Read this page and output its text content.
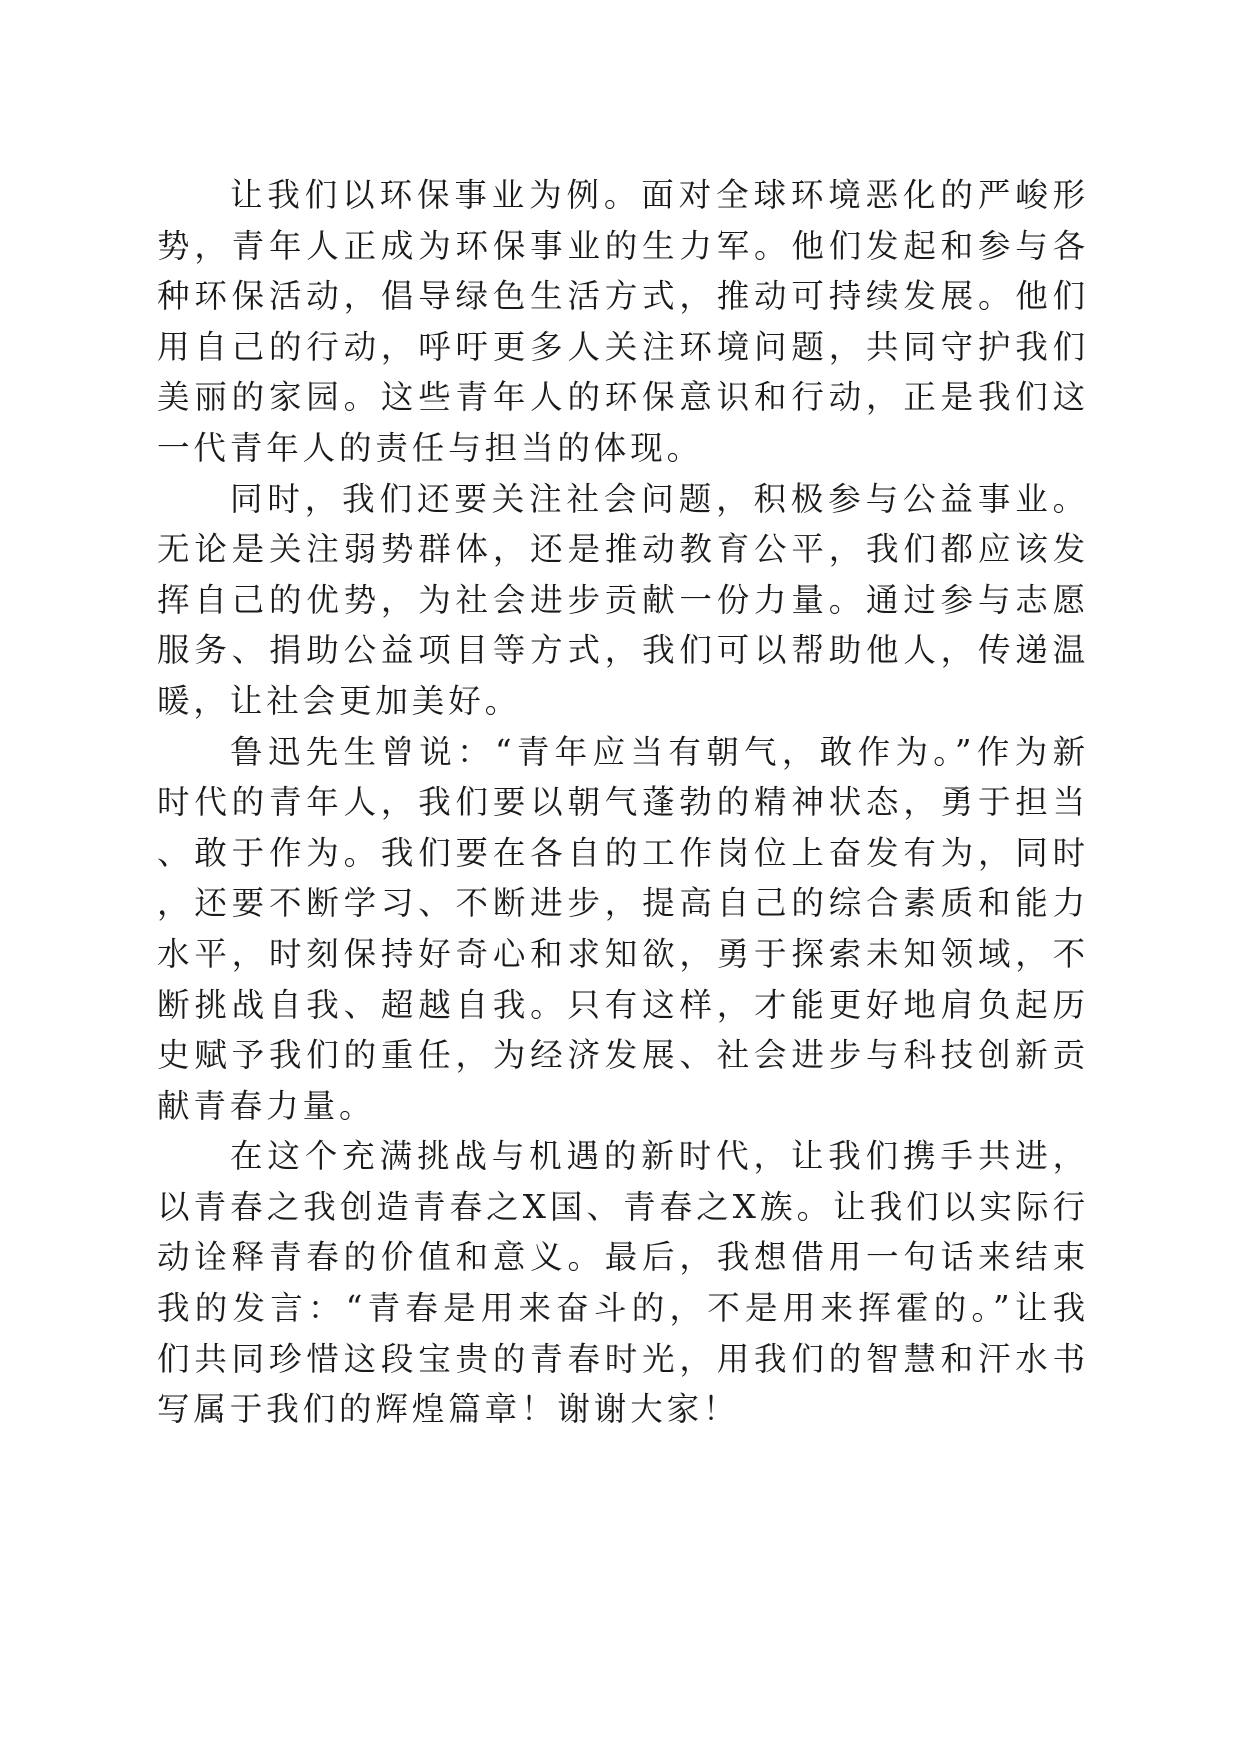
让我们以环保事业为例。面对全球环境恶化的严峻形势，青年人正成为环保事业的生力军。他们发起和参与各种环保活动，倡导绿色生活方式，推动可持续发展。他们用自己的行动，呼吁更多人关注环境问题，共同守护我们美丽的家园。这些青年人的环保意识和行动，正是我们这一代青年人的责任与担当的体现。

同时，我们还要关注社会问题，积极参与公益事业。无论是关注弱势群体，还是推动教育公平，我们都应该发挥自己的优势，为社会进步贡献一份力量。通过参与志愿服务、捐助公益项目等方式，我们可以帮助他人，传递温暖，让社会更加美好。

鲁迅先生曾说：“青年应当有朝气，敢作为。”作为新时代的青年人，我们要以朝气蓬勃的精神状态，勇于担当、敢于作为。我们要在各自的工作岗位上奋发有为，同时，还要不断学习、不断进步，提高自己的综合素质和能力水平，时刻保持好奇心和求知欲，勇于探索未知领域，不断挑战自我、超越自我。只有这样，才能更好地肩负起历史赋予我们的重任，为经济发展、社会进步与科技创新贡献青春力量。

在这个充满挑战与机遇的新时代，让我们携手共进，以青春之我创造青春之X国、青春之X族。让我们以实际行动诠释青春的价值和意义。最后，我想借用一句话来结束我的发言：“青春是用来奋斗的，不是用来挥霍的。”让我们共同珍惜这段宝贵的青春时光，用我们的智慧和汗水书写属于我们的辉煌篇章！谢谢大家！
